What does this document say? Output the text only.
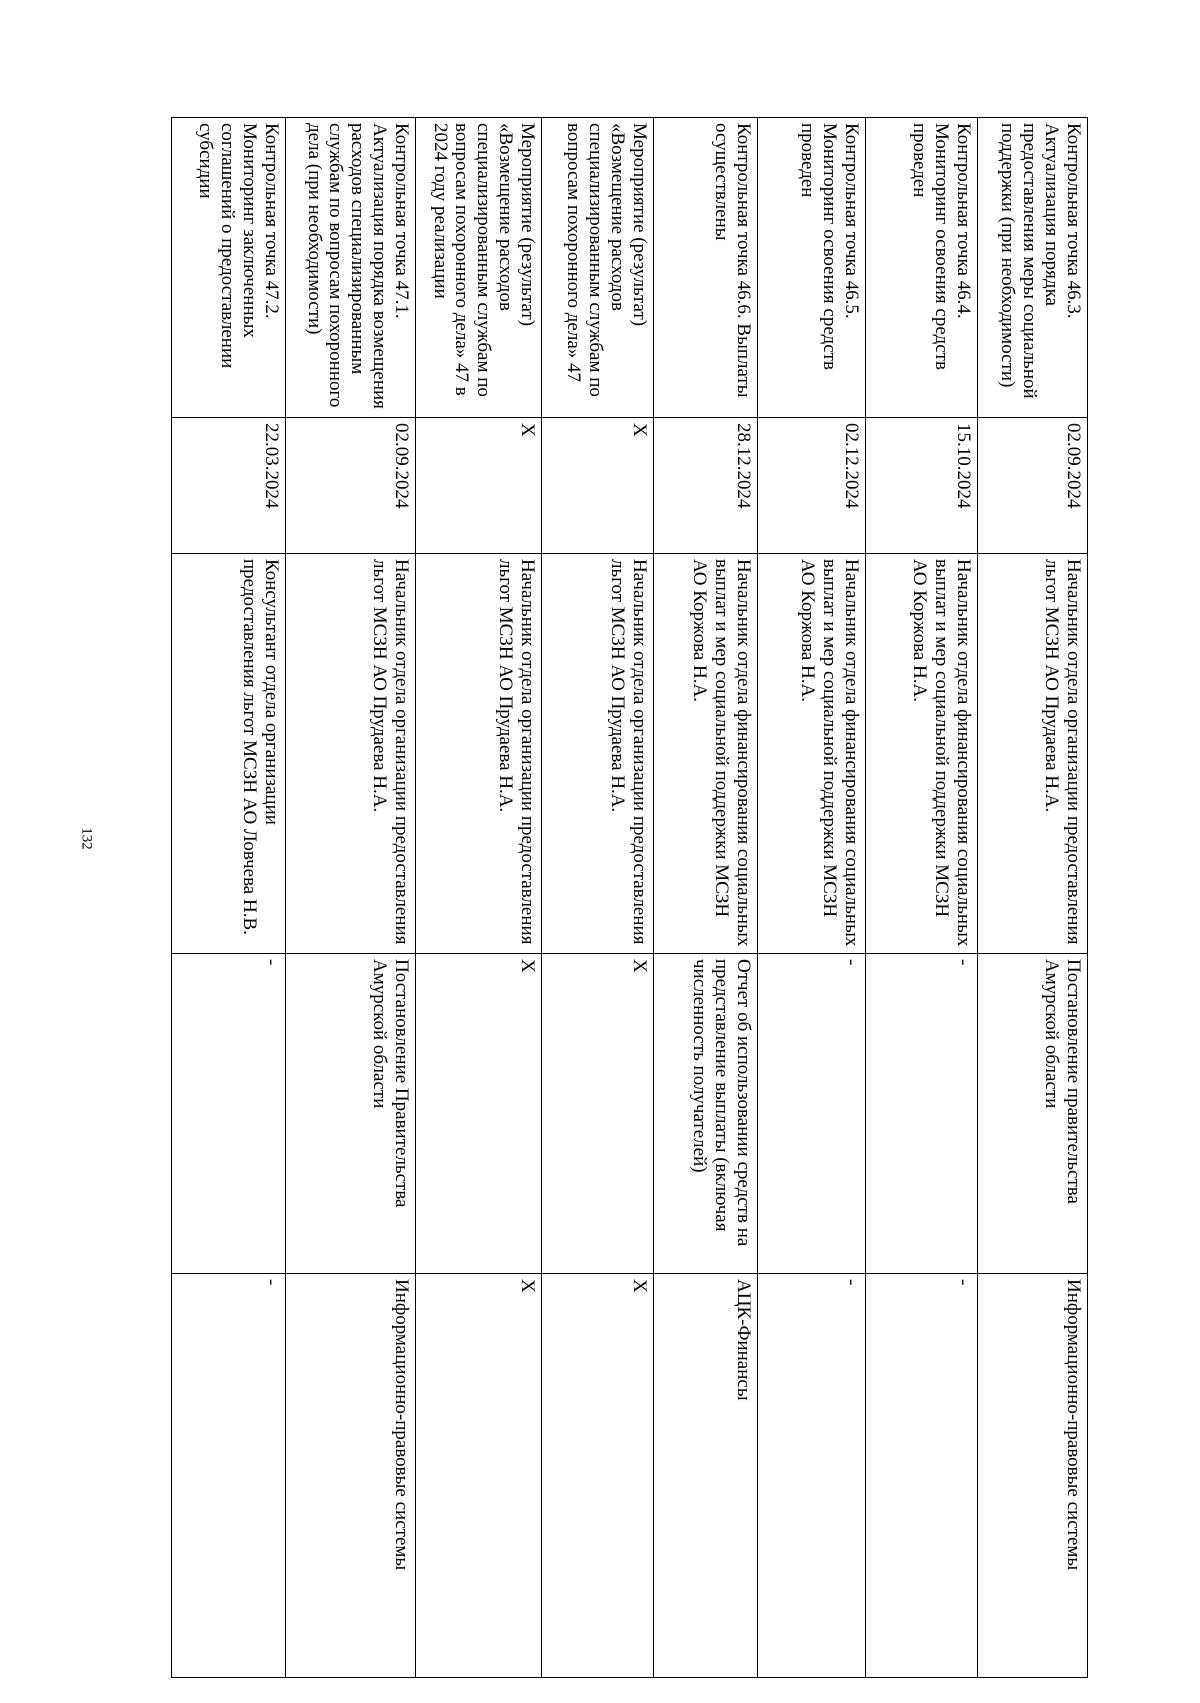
132
Контрольная точка 46.3. Актуализация порядка предоставления меры социальной поддержки (при необходимости)	02.09.2024	Начальник отдела организации предоставления льгот МСЗН АО Прудаева Н.А.	Постановление правительства Амурской области	Информационно-правовые системы
Контрольная точка 46.4. Мониторинг освоения средств проведен	15.10.2024	Начальник отдела финансирования социальных выплат и мер социальной поддержки МСЗН АО Коржова Н.А.	-	-
Контрольная точка 46.5. Мониторинг освоения средств проведен	02.12.2024	Начальник отдела финансирования социальных выплат и мер социальной поддержки МСЗН АО Коржова Н.А.	-	-
Контрольная точка 46.6. Выплаты осуществлены	28.12.2024	Начальник отдела финансирования социальных выплат и мер социальной поддержки МСЗН АО Коржова Н.А.	Отчет об использовании средств на представление выплаты (включая численность получателей)	АЦК-Финансы
Мероприятие (результат) «Возмещение расходов специализированным службам по вопросам похоронного дела» 47	X	Начальник отдела организации предоставления льгот МСЗН АО Прудаева Н.А.	X	X
Мероприятие (результат) «Возмещение расходов специализированным службам по вопросам похоронного дела» 47 в 2024 году реализации	X	Начальник отдела организации предоставления льгот МСЗН АО Прудаева Н.А.	X	X
Контрольная точка 47.1. Актуализация порядка возмещения расходов специализированным службам по вопросам похоронного дела (при необходимости)	02.09.2024	Начальник отдела организации предоставления льгот МСЗН АО Прудаева Н.А.	Постановление Правительства Амурской области	Информационно-правовые системы
Контрольная точка 47.2. Мониторинг заключенных соглашений о предоставлении субсидии	22.03.2024	Консультант отдела организации предоставления льгот МСЗН АО Ловчева Н.В.	-	-
